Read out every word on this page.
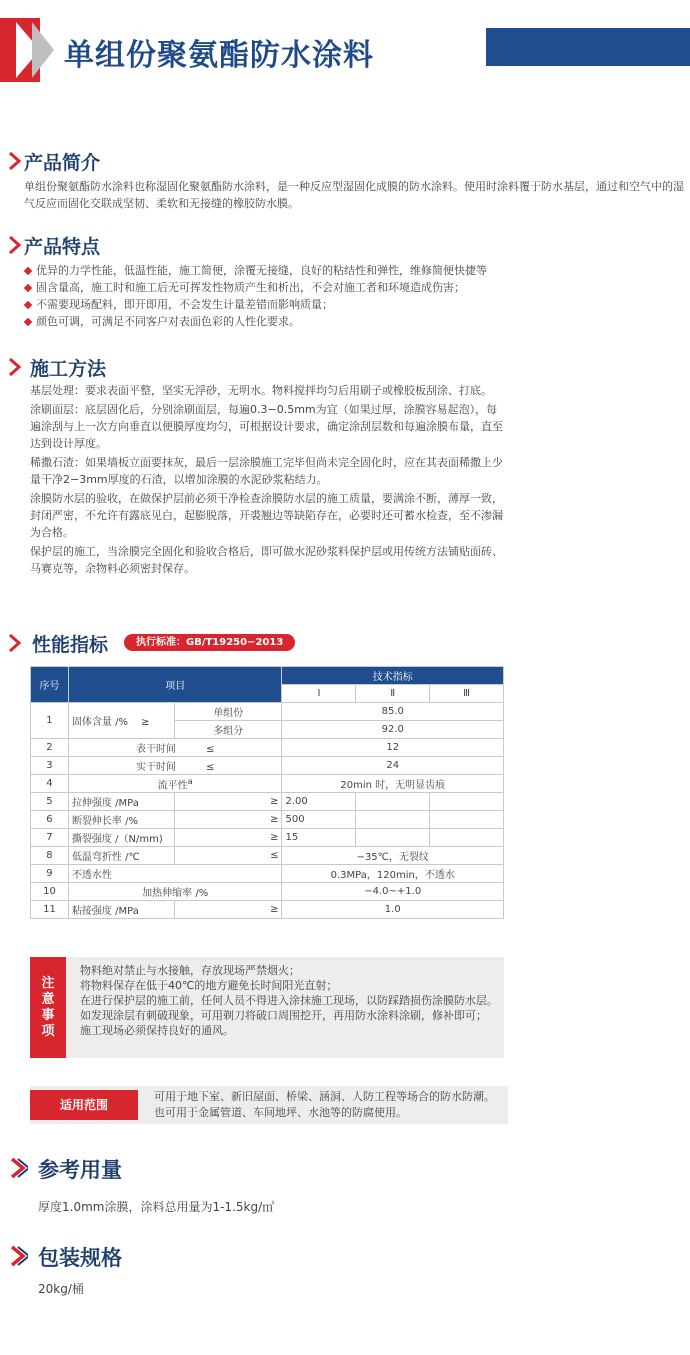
单组份聚氨酯防水涂料
产品简介
单组份聚氨酯防水涂料也称湿固化聚氨酯防水涂料，是一种反应型湿固化成膜的防水涂料。使用时涂料覆于防水基层，通过和空气中的湿气反应而固化交联成坚韧、柔软和无接缝的橡胶防水膜。
产品特点
优异的力学性能，低温性能，施工简便，涂覆无接缝，良好的粘结性和弹性，维修简便快捷等
固含量高，施工时和施工后无可挥发性物质产生和析出，不会对施工者和环境造成伤害；
不需要现场配料，即开即用，不会发生计量差错而影响质量；
颜色可调，可满足不同客户对表面色彩的人性化要求。
施工方法
基层处理：要求表面平整，坚实无浮砂，无明水。物料搅拌均匀后用刷子或橡胶板刮涂、打底。
涂刷面层：底层固化后，分别涂刷面层，每遍0.3−0.5mm为宜（如果过厚，涂膜容易起泡），每遍涂刮与上一次方向垂直以便膜厚度均匀，可根据设计要求，确定涂刮层数和每遍涂膜布量，直至达到设计厚度。
稀撒石渣：如果墙板立面要抹灰，最后一层涂膜施工完毕但尚未完全固化时，应在其表面稀撒上少量干净2−3mm厚度的石渣，以增加涂膜的水泥砂浆粘结力。
涂膜防水层的验收，在做保护层前必须干净检查涂膜防水层的施工质量，要满涂不断，薄厚一致，封闭严密，不允许有露底见白，起膨脱落，开裘翘边等缺陷存在，必要时还可蓄水检查，至不渗漏为合格。
保护层的施工，当涂膜完全固化和验收合格后，即可做水泥砂浆料保护层或用传统方法铺贴面砖、马赛克等，余物料必须密封保存。
性能指标	执行标准：GB/T19250−2013
序号	项目		技术指标		
			Ⅰ	Ⅱ	Ⅲ
1	固体含量 /%　 ≥	单组份	85.0		
		多组分	92.0		
2	表干时间　　　≤		12		
3	实干时间　　　≤		24		
4	流平性$^a$		20min 时，无明显齿痕		
5	拉伸强度 /MPa	≥	2.00		
6	断裂伸长率 /%	≥	500		
7	撕裂强度 /（N/mm)	≥	15		
8	低温弯折性 /℃	≤	−35℃，无裂纹		
9	不透水性		0.3MPa，120min，不透水		
10	加热伸缩率 /%		−4.0~+1.0		
11	粘接强度 /MPa	≥	1.0		
注意事项
物料绝对禁止与水接触，存放现场严禁烟火；
将物料保存在低于40℃的地方避免长时间阳光直射；
在进行保护层的施工前，任何人员不得进入涂抹施工现场，以防踩踏损伤涂膜防水层。如发现涂层有刺破现象，可用剃刀将破口周围挖开，再用防水涂料涂刷，修补即可；
施工现场必须保持良好的通风。
适用范围
可用于地下室、新旧屋面、桥梁、涵洞、人防工程等场合的防水防潮。也可用于金属管道、车间地坪、水池等的防腐使用。
参考用量
厚度1.0mm涂膜，涂料总用量为1-1.5kg/㎡
包装规格
20kg/桶
